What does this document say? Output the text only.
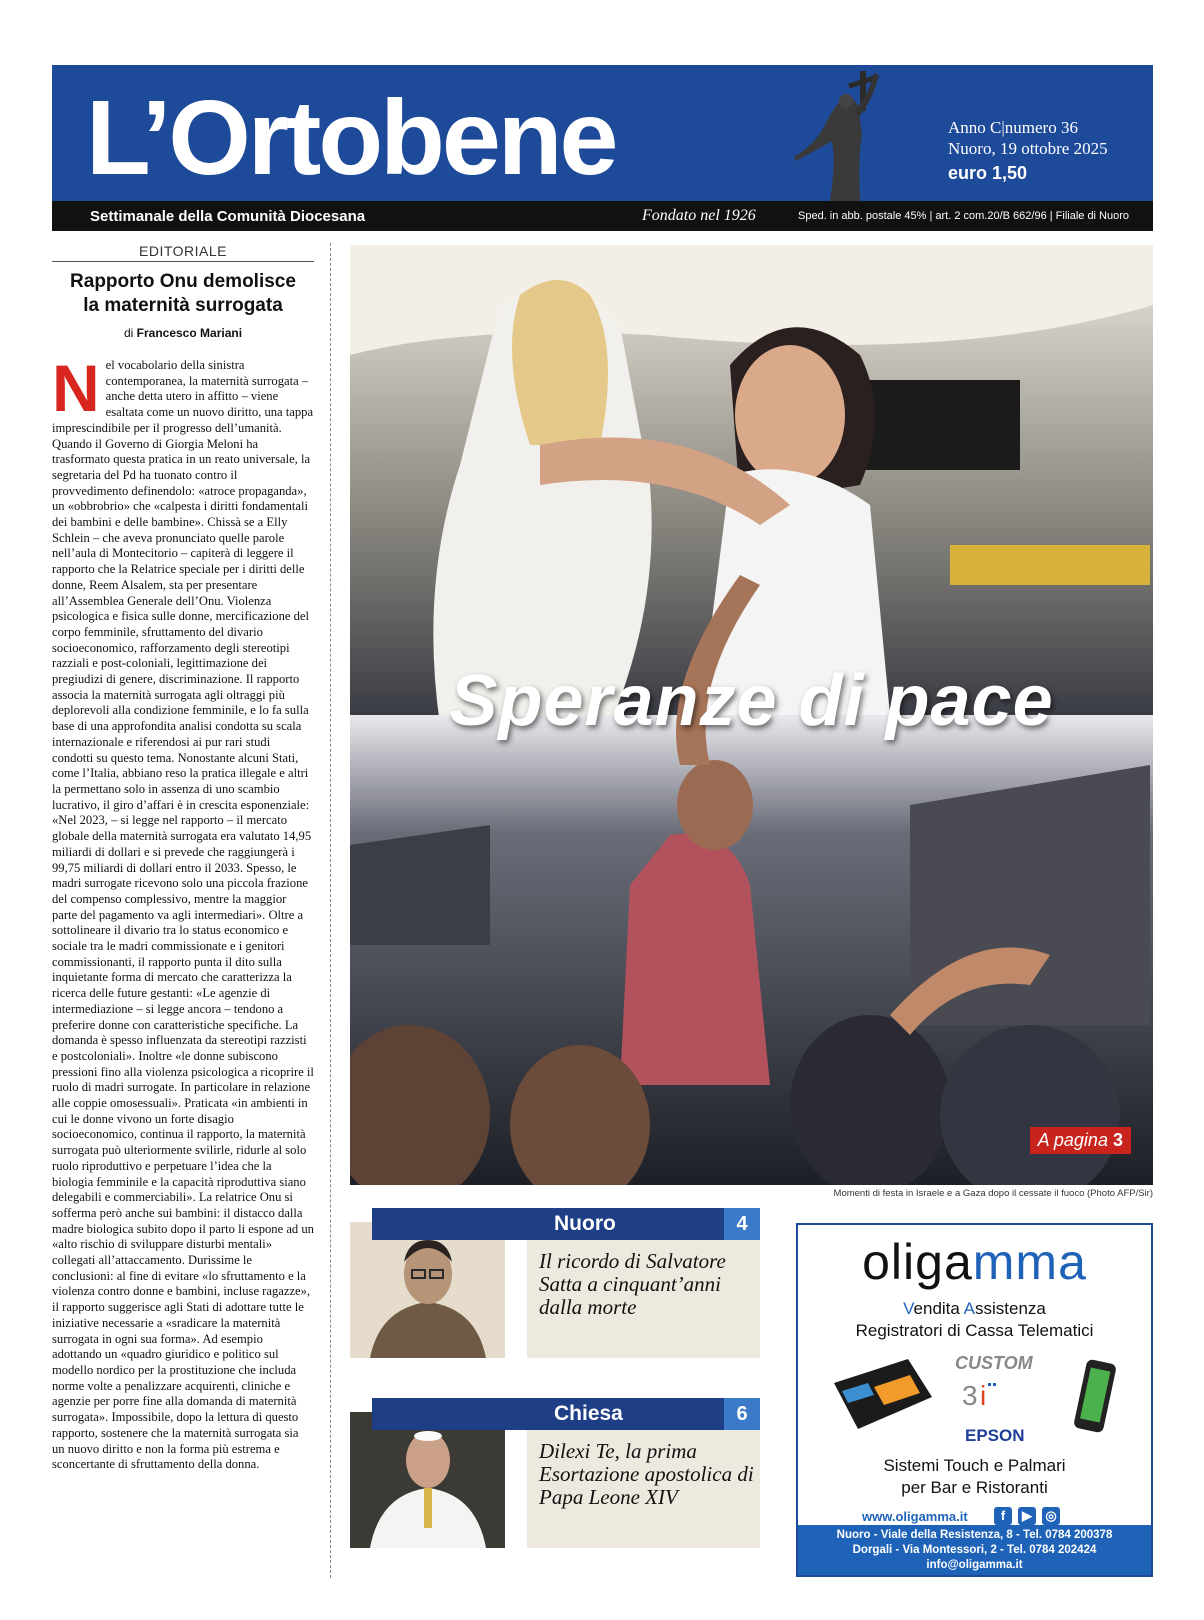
L’Ortobene	Anno C|numero 36
Nuoro, 19 ottobre 2025
euro 1,50
Settimanale della Comunità Diocesana	Fondato nel 1926	Sped. in abb. postale 45% | art. 2 com.20/B 662/96 | Filiale di Nuoro
EDITORIALE
Rapporto Onu demolisce
la maternità surrogata
di Francesco Mariani
Nel vocabolario della sinistra contemporanea, la maternità surrogata – anche detta utero in affitto – viene esaltata come un nuovo diritto, una tappa imprescindibile per il progresso dell’umanità. Quando il Governo di Giorgia Meloni ha trasformato questa pratica in un reato universale, la segretaria del Pd ha tuonato contro il provvedimento definendolo: «atroce propaganda», un «obbrobrio» che «calpesta i diritti fondamentali dei bambini e delle bambine». Chissà se a Elly Schlein – che aveva pronunciato quelle parole nell’aula di Montecitorio – capiterà di leggere il rapporto che la Relatrice speciale per i diritti delle donne, Reem Alsalem, sta per presentare all’Assemblea Generale dell’Onu. Violenza psicologica e fisica sulle donne, mercificazione del corpo femminile, sfruttamento del divario socioeconomico, rafforzamento degli stereotipi razziali e post-coloniali, legittimazione dei pregiudizi di genere, discriminazione. Il rapporto associa la maternità surrogata agli oltraggi più deplorevoli alla condizione femminile, e lo fa sulla base di una approfondita analisi condotta su scala internazionale e riferendosi ai pur rari studi condotti su questo tema. Nonostante alcuni Stati, come l’Italia, abbiano reso la pratica illegale e altri la permettano solo in assenza di uno scambio lucrativo, il giro d’affari è in crescita esponenziale: «Nel 2023, – si legge nel rapporto – il mercato globale della maternità surrogata era valutato 14,95 miliardi di dollari e si prevede che raggiungerà i 99,75 miliardi di dollari entro il 2033. Spesso, le madri surrogate ricevono solo una piccola frazione del compenso complessivo, mentre la maggior parte del pagamento va agli intermediari». Oltre a sottolineare il divario tra lo status economico e sociale tra le madri commissionate e i genitori commissionanti, il rapporto punta il dito sulla inquietante forma di mercato che caratterizza la ricerca delle future gestanti: «Le agenzie di intermediazione – si legge ancora – tendono a preferire donne con caratteristiche specifiche. La domanda è spesso influenzata da stereotipi razzisti e postcoloniali». Inoltre «le donne subiscono pressioni fino alla violenza psicologica a ricoprire il ruolo di madri surrogate. In particolare in relazione alle coppie omosessuali». Praticata «in ambienti in cui le donne vivono un forte disagio socioeconomico, continua il rapporto, la maternità surrogata può ulteriormente svilirle, ridurle al solo ruolo riproduttivo e perpetuare l’idea che la biologia femminile e la capacità riproduttiva siano delegabili e commerciabili». La relatrice Onu si sofferma però anche sui bambini: il distacco dalla madre biologica subito dopo il parto li espone ad un «alto rischio di sviluppare disturbi mentali» collegati all’attaccamento. Durissime le conclusioni: al fine di evitare «lo sfruttamento e la violenza contro donne e bambini, incluse ragazze», il rapporto suggerisce agli Stati di adottare tutte le iniziative necessarie a «sradicare la maternità surrogata in ogni sua forma». Ad esempio adottando un «quadro giuridico e politico sul modello nordico per la prostituzione che includa norme volte a penalizzare acquirenti, cliniche e agenzie per porre fine alla domanda di maternità surrogata». Impossibile, dopo la lettura di questo rapporto, sostenere che la maternità surrogata sia un nuovo diritto e non la forma più estrema e sconcertante di sfruttamento della donna.
Speranze di pace
A pagina 3
Momenti di festa in Israele e a Gaza dopo il cessate il fuoco (Photo AFP/Sir)
Nuoro	4
Il ricordo di Salvatore Satta a cinquant’anni dalla morte
Chiesa	6
Dilexi Te, la prima Esortazione apostolica di Papa Leone XIV
oligamma
Vendita Assistenza
Registratori di Cassa Telematici
CUSTOM
3 i
EPSON
Sistemi Touch e Palmari
per Bar e Ristoranti
www.oligamma.it	f ▶ ◎
Nuoro - Viale della Resistenza, 8 - Tel. 0784 200378
Dorgali - Via Montessori, 2 - Tel. 0784 202424
info@oligamma.it
